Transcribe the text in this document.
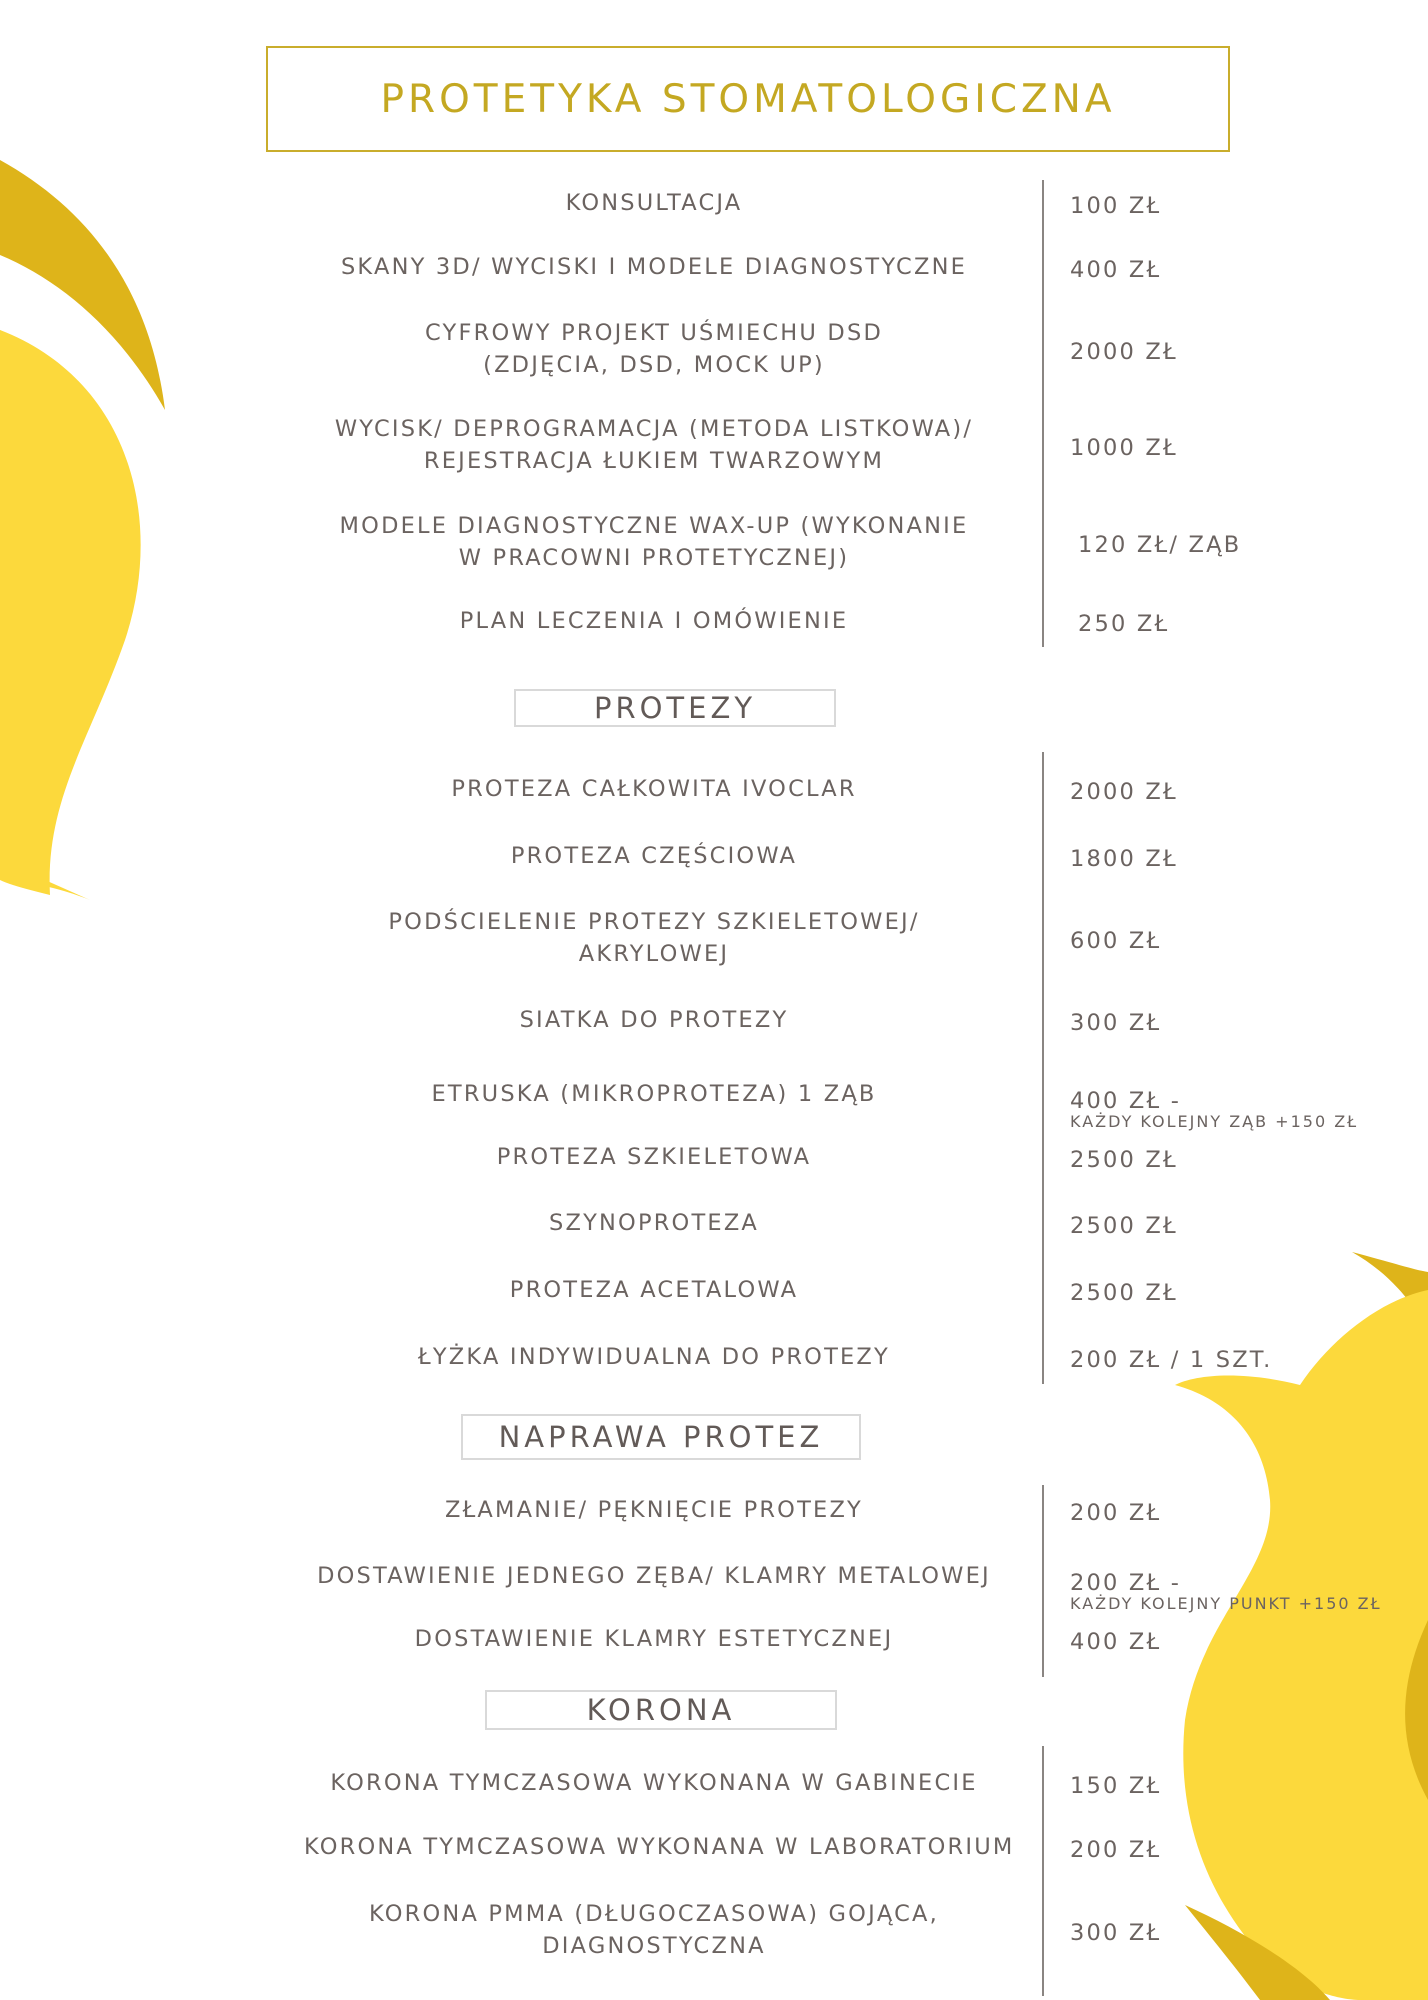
PROTETYKA STOMATOLOGICZNA
PROTEZY
NAPRAWA PROTEZ
KORONA
KONSULTACJA	100 ZŁ
SKANY 3D/ WYCISKI I MODELE DIAGNOSTYCZNE	400 ZŁ
CYFROWY PROJEKT UŚMIECHU DSD
(ZDJĘCIA, DSD, MOCK UP)	2000 ZŁ
WYCISK/ DEPROGRAMACJA (METODA LISTKOWA)/
REJESTRACJA ŁUKIEM TWARZOWYM	1000 ZŁ
MODELE DIAGNOSTYCZNE WAX-UP (WYKONANIE
W PRACOWNI PROTETYCZNEJ)	120 ZŁ/ ZĄB
PLAN LECZENIA I OMÓWIENIE	250 ZŁ
PROTEZA CAŁKOWITA IVOCLAR	2000 ZŁ
PROTEZA CZĘŚCIOWA	1800 ZŁ
PODŚCIELENIE PROTEZY SZKIELETOWEJ/
AKRYLOWEJ	600 ZŁ
SIATKA DO PROTEZY	300 ZŁ
ETRUSKA (MIKROPROTEZA) 1 ZĄB	400 ZŁ -
KAŻDY KOLEJNY ZĄB +150 ZŁ
PROTEZA SZKIELETOWA	2500 ZŁ
SZYNOPROTEZA	2500 ZŁ
PROTEZA ACETALOWA	2500 ZŁ
ŁYŻKA INDYWIDUALNA DO PROTEZY	200 ZŁ / 1 SZT.
ZŁAMANIE/ PĘKNIĘCIE PROTEZY	200 ZŁ
DOSTAWIENIE JEDNEGO ZĘBA/ KLAMRY METALOWEJ	200 ZŁ -
KAŻDY KOLEJNY PUNKT +150 ZŁ
DOSTAWIENIE KLAMRY ESTETYCZNEJ	400 ZŁ
KORONA TYMCZASOWA WYKONANA W GABINECIE	150 ZŁ
KORONA TYMCZASOWA WYKONANA W LABORATORIUM 200 ZŁ
KORONA PMMA (DŁUGOCZASOWA) GOJĄCA,
DIAGNOSTYCZNA	300 ZŁ
